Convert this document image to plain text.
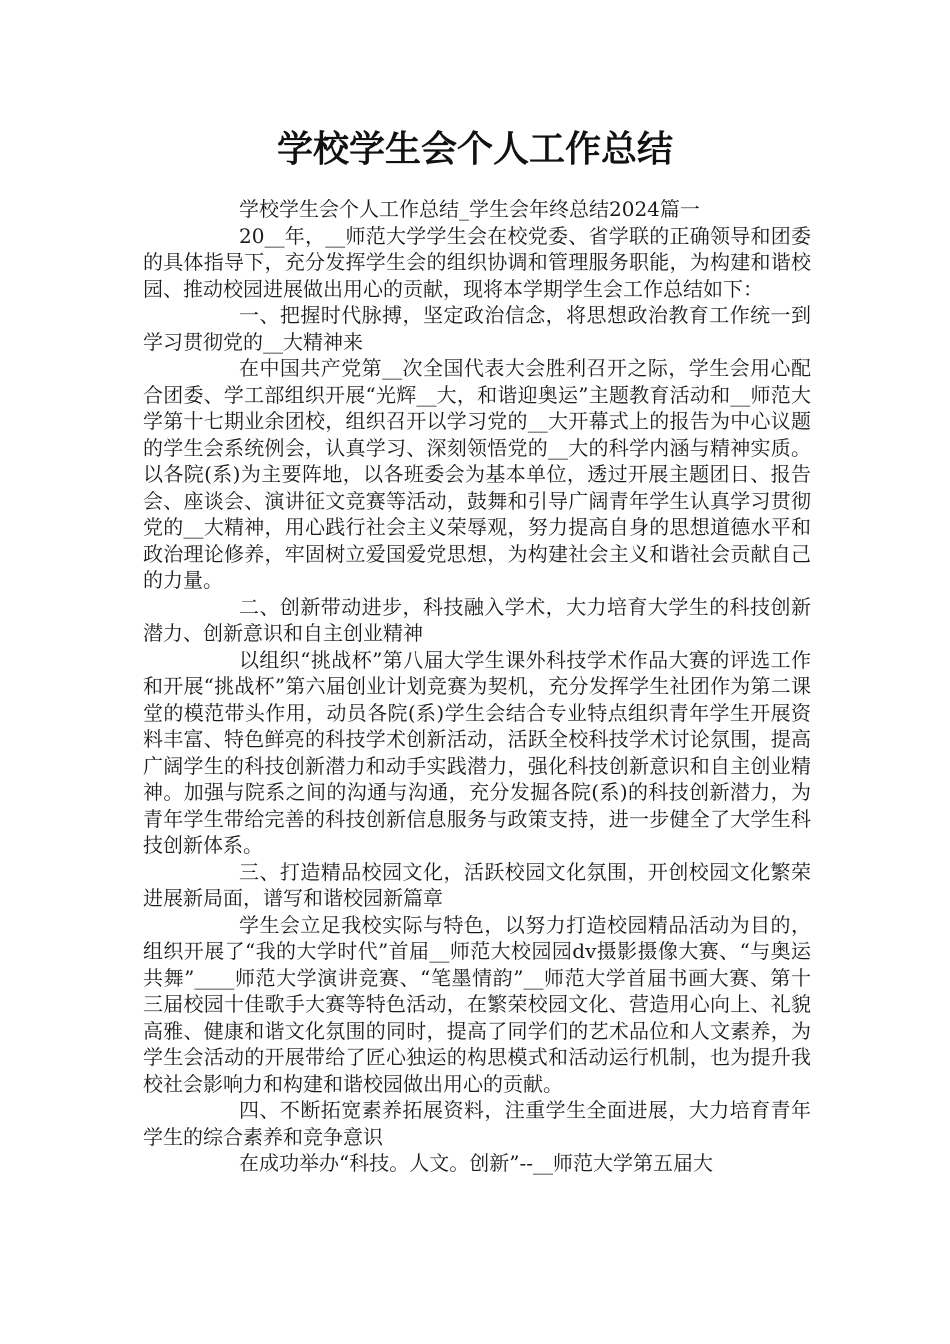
学校学生会个人工作总结

学校学生会个人工作总结_学生会年终总结2024篇一

20__年，__师范大学学生会在校党委、省学联的正确领导和团委的具体指导下，充分发挥学生会的组织协调和管理服务职能，为构建和谐校园、推动校园进展做出用心的贡献，现将本学期学生会工作总结如下：

一、把握时代脉搏，坚定政治信念，将思想政治教育工作统一到学习贯彻党的__大精神来

在中国共产党第__次全国代表大会胜利召开之际，学生会用心配合团委、学工部组织开展“光辉__大，和谐迎奥运”主题教育活动和__师范大学第十七期业余团校，组织召开以学习党的__大开幕式上的报告为中心议题的学生会系统例会，认真学习、深刻领悟党的__大的科学内涵与精神实质。以各院(系)为主要阵地，以各班委会为基本单位，透过开展主题团日、报告会、座谈会、演讲征文竞赛等活动，鼓舞和引导广阔青年学生认真学习贯彻党的__大精神，用心践行社会主义荣辱观，努力提高自身的思想道德水平和政治理论修养，牢固树立爱国爱党思想，为构建社会主义和谐社会贡献自己的力量。

二、创新带动进步，科技融入学术，大力培育大学生的科技创新潜力、创新意识和自主创业精神

以组织“挑战杯”第八届大学生课外科技学术作品大赛的评选工作和开展“挑战杯”第六届创业计划竞赛为契机，充分发挥学生社团作为第二课堂的模范带头作用，动员各院(系)学生会结合专业特点组织青年学生开展资料丰富、特色鲜亮的科技学术创新活动，活跃全校科技学术讨论氛围，提高广阔学生的科技创新潜力和动手实践潜力，强化科技创新意识和自主创业精神。加强与院系之间的沟通与沟通，充分发掘各院(系)的科技创新潜力，为青年学生带给完善的科技创新信息服务与政策支持，进一步健全了大学生科技创新体系。

三、打造精品校园文化，活跃校园文化氛围，开创校园文化繁荣进展新局面，谱写和谐校园新篇章

学生会立足我校实际与特色，以努力打造校园精品活动为目的，组织开展了“我的大学时代”首届__师范大校园园dv摄影摄像大赛、“与奥运共舞”____师范大学演讲竞赛、“笔墨情韵”__师范大学首届书画大赛、第十三届校园十佳歌手大赛等特色活动，在繁荣校园文化、营造用心向上、礼貌高雅、健康和谐文化氛围的同时，提高了同学们的艺术品位和人文素养，为学生会活动的开展带给了匠心独运的构思模式和活动运行机制，也为提升我校社会影响力和构建和谐校园做出用心的贡献。

四、不断拓宽素养拓展资料，注重学生全面进展，大力培育青年学生的综合素养和竞争意识

在成功举办“科技。人文。创新”--__师范大学第五届大
